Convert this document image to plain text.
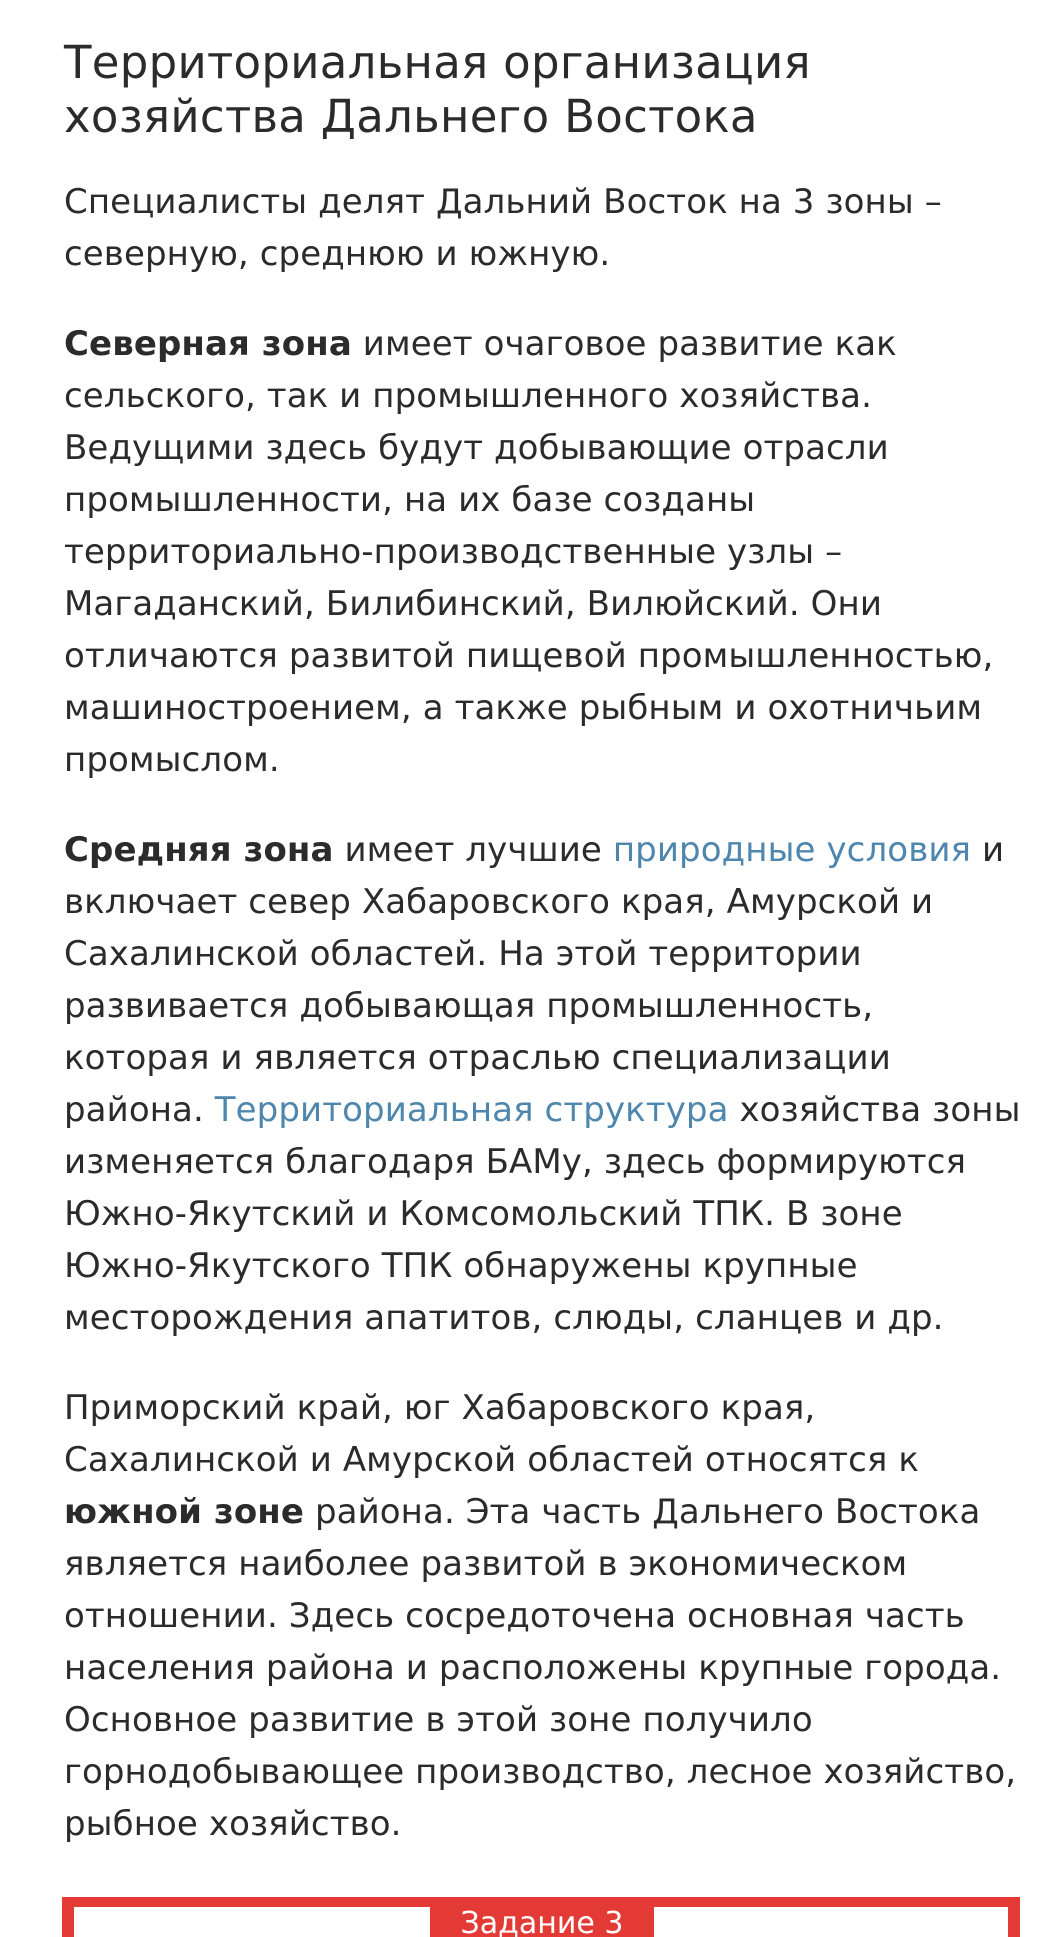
Территориальная организация хозяйства Дальнего Востока

Специалисты делят Дальний Восток на 3 зоны – северную, среднюю и южную.

Северная зона имеет очаговое развитие как сельского, так и промышленного хозяйства. Ведущими здесь будут добывающие отрасли промышленности, на их базе созданы территориально-производственные узлы – Магаданский, Билибинский, Вилюйский. Они отличаются развитой пищевой промышленностью, машиностроением, а также рыбным и охотничьим промыслом.

Средняя зона имеет лучшие природные условия и включает север Хабаровского края, Амурской и Сахалинской областей. На этой территории развивается добывающая промышленность, которая и является отраслью специализации района. Территориальная структура хозяйства зоны изменяется благодаря БАМу, здесь формируются Южно-Якутский и Комсомольский ТПК. В зоне Южно-Якутского ТПК обнаружены крупные месторождения апатитов, слюды, сланцев и др.

Приморский край, юг Хабаровского края, Сахалинской и Амурской областей относятся к южной зоне района. Эта часть Дальнего Востока является наиболее развитой в экономическом отношении. Здесь сосредоточена основная часть населения района и расположены крупные города. Основное развитие в этой зоне получило горнодобывающее производство, лесное хозяйство, рыбное хозяйство.

Задание 3
